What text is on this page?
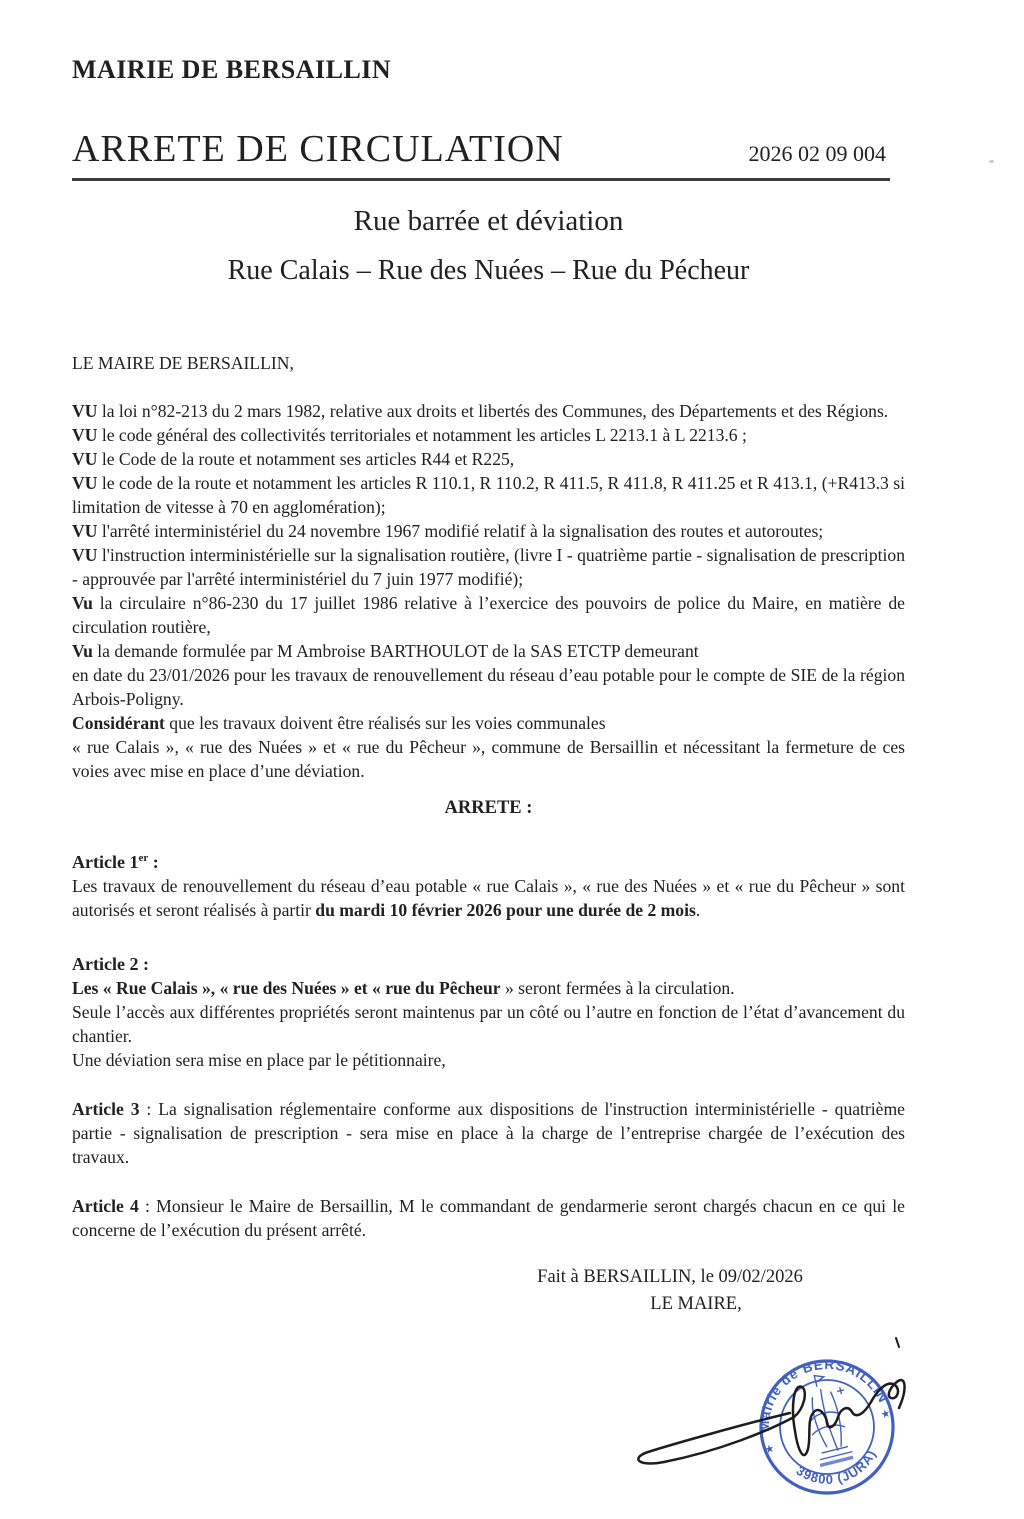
MAIRIE DE BERSAILLIN
ARRETE DE CIRCULATION	2026 02 09 004
Rue barrée et déviation
Rue Calais – Rue des Nuées – Rue du Pécheur

LE MAIRE DE BERSAILLIN,

VU la loi n°82-213 du 2 mars 1982, relative aux droits et libertés des Communes, des Départements et des Régions.

VU le code général des collectivités territoriales et notamment les articles L 2213.1 à L 2213.6 ;

VU le Code de la route et notamment ses articles R44 et R225,

VU le code de la route et notamment les articles R 110.1, R 110.2, R 411.5, R 411.8, R 411.25 et R 413.1, (+R413.3 si limitation de vitesse à 70 en agglomération);

VU l'arrêté interministériel du 24 novembre 1967 modifié relatif à la signalisation des routes et autoroutes;

VU l'instruction interministérielle sur la signalisation routière, (livre I - quatrième partie - signalisation de prescription - approuvée par l'arrêté interministériel du 7 juin 1977 modifié);

Vu la circulaire n°86-230 du 17 juillet 1986 relative à l’exercice des pouvoirs de police du Maire, en matière de circulation routière,

Vu la demande formulée par M Ambroise BARTHOULOT de la SAS ETCTP demeurant

en date du 23/01/2026 pour les travaux de renouvellement du réseau d’eau potable pour le compte de SIE de la région Arbois-Poligny.

Considérant que les travaux doivent être réalisés sur les voies communales

« rue Calais », « rue des Nuées » et « rue du Pêcheur », commune de Bersaillin et nécessitant la fermeture de ces voies avec mise en place d’une déviation.

ARRETE :

Article 1er :

Les travaux de renouvellement du réseau d’eau potable « rue Calais », « rue des Nuées » et « rue du Pêcheur » sont autorisés et seront réalisés à partir du mardi 10 février 2026 pour une durée de 2 mois.

Article 2 :

Les « Rue Calais », « rue des Nuées » et « rue du Pêcheur » seront fermées à la circulation.

Seule l’accès aux différentes propriétés seront maintenus par un côté ou l’autre en fonction de l’état d’avancement du chantier.

Une déviation sera mise en place par le pétitionnaire,

Article 3 : La signalisation réglementaire conforme aux dispositions de l'instruction interministérielle - quatrième partie - signalisation de prescription - sera mise en place à la charge de l’entreprise chargée de l’exécution des travaux.

Article 4 : Monsieur le Maire de Bersaillin, M le commandant de gendarmerie seront chargés chacun en ce qui le concerne de l’exécution du présent arrêté.

Fait à BERSAILLIN, le 09/02/2026
LE MAIRE,
Mairie de BERSAILLIN
39800 (JURA)
★
★
